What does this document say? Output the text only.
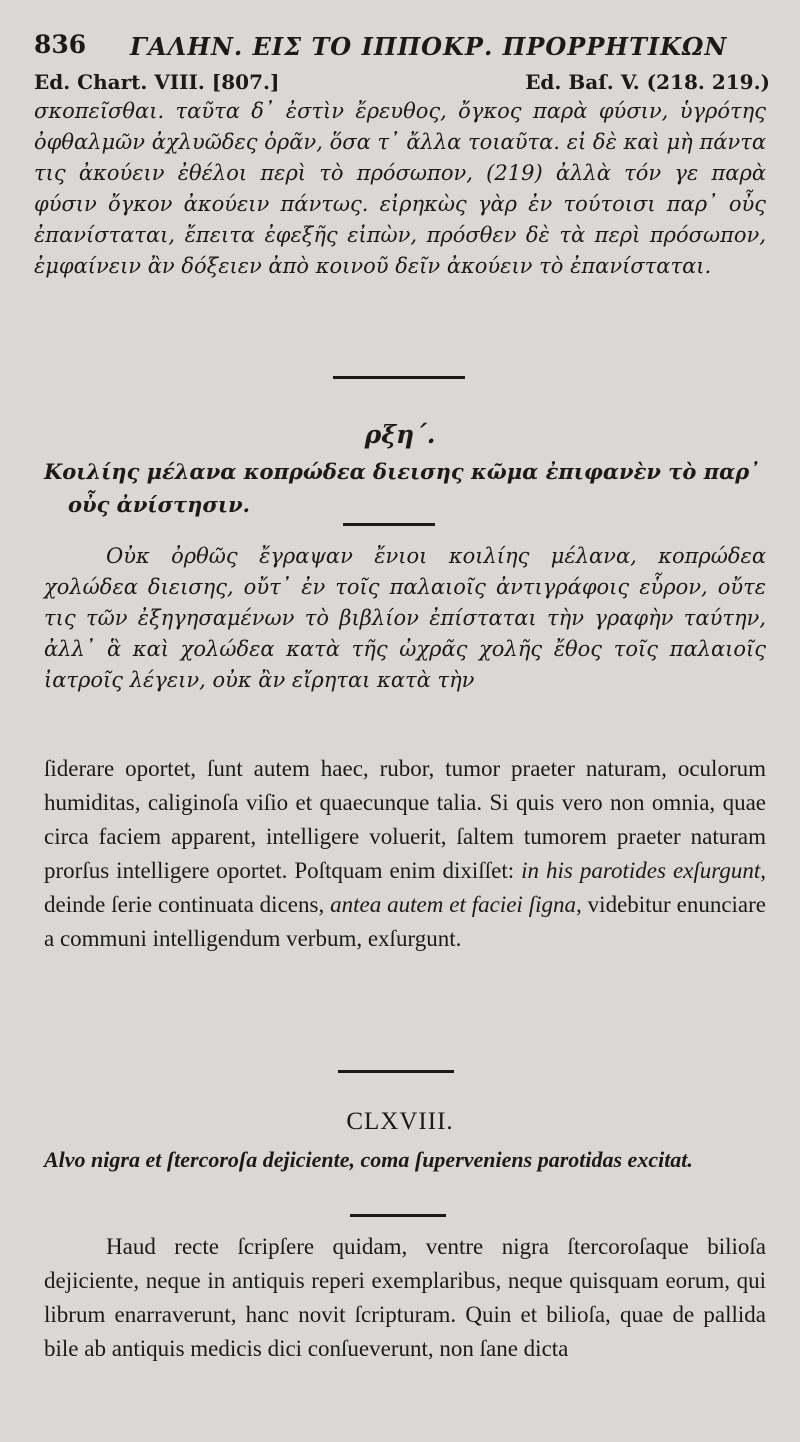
836 ΓΑΛΗΝ. ΕΙΣ ΤΟ ΙΠΠΟΚΡ. ΠΡΟΡΡΗΤΙΚΩΝ
Ed. Chart. VIII. [807.]	Ed. Baſ. V. (218. 219.)
σκοπεῖσθαι. ταῦτα δ᾽ ἐστὶν ἔρευθος, ὄγκος παρὰ φύσιν, ὑγρότης ὀφθαλμῶν ἀχλυῶδες ὁρᾶν, ὅσα τ᾽ ἄλλα τοιαῦτα. εἰ δὲ καὶ μὴ πάντα τις ἀκούειν ἐθέλοι περὶ τὸ πρόσωπον, (219) ἀλλὰ τόν γε παρὰ φύσιν ὄγκον ἀκούειν πάντως. εἰρηκὼς γὰρ ἐν τούτοισι παρ᾽ οὖς ἐπανίσταται, ἔπειτα ἐφεξῆς εἰπὼν, πρόσθεν δὲ τὰ περὶ πρόσωπον, ἐμφαίνειν ἂν δόξειεν ἀπὸ κοινοῦ δεῖν ἀκούειν τὸ ἐπανίσταται.
ρξη΄.
Κοιλίης μέλανα κοπρώδεα διεισης κῶμα ἐπιφανὲν τὸ παρ᾽ οὖς ἀνίστησιν.
Οὐκ ὀρθῶς ἔγραψαν ἔνιοι κοιλίης μέλανα, κοπρώδεα χολώδεα διεισης, οὔτ᾽ ἐν τοῖς παλαιοῖς ἀντιγράφοις εὗρον, οὔτε τις τῶν ἐξηγησαμένων τὸ βιβλίον ἐπίσταται τὴν γραφὴν ταύτην, ἀλλ᾽ ἃ καὶ χολώδεα κατὰ τῆς ὠχρᾶς χολῆς ἔθος τοῖς παλαιοῖς ἰατροῖς λέγειν, οὐκ ἂν εἴρηται κατὰ τὴν
ſiderare oportet, ſunt autem haec, rubor, tumor praeter naturam, oculorum humiditas, caliginoſa viſio et quaecunque talia. Si quis vero non omnia, quae circa faciem apparent, intelligere voluerit, ſaltem tumorem praeter naturam prorſus intelligere oportet. Poſtquam enim dixiſſet: in his parotides exſurgunt, deinde ſerie continuata dicens, antea autem et faciei ſigna, videbitur enunciare a communi intelligendum verbum, exſurgunt.
CLXVIII.
Alvo nigra et ſtercoroſa dejiciente, coma ſuperveniens parotidas excitat.
Haud recte ſcripſere quidam, ventre nigra ſtercoroſaque bilioſa dejiciente, neque in antiquis reperi exemplaribus, neque quisquam eorum, qui librum enarraverunt, hanc novit ſcripturam. Quin et bilioſa, quae de pallida bile ab antiquis medicis dici conſueverunt, non ſane dicta
